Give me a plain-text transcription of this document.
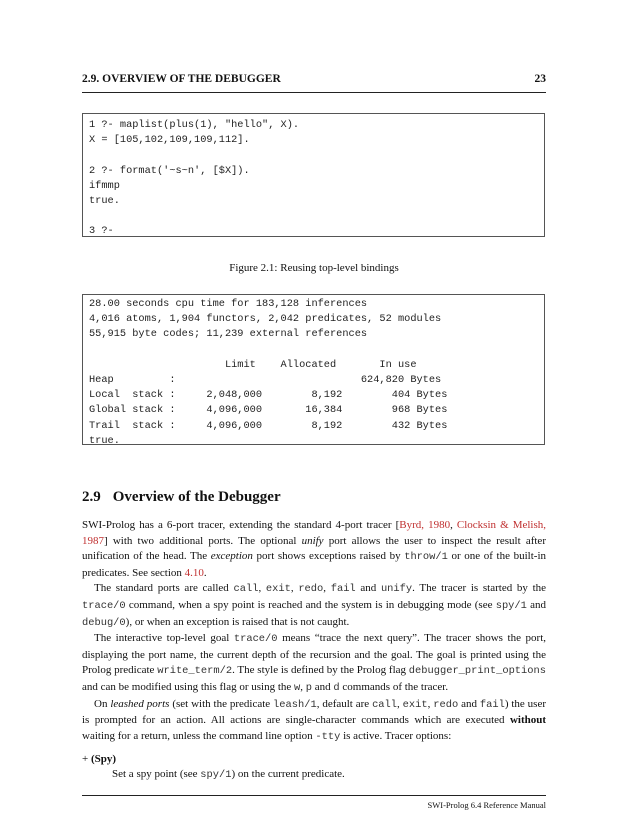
2.9. OVERVIEW OF THE DEBUGGER	23
1 ?- maplist(plus(1), "hello", X).
X = [105,102,109,109,112].

2 ?- format('~s~n', [$X]).
ifmmp
true.

3 ?-
Figure 2.1: Reusing top-level bindings
28.00 seconds cpu time for 183,128 inferences
4,016 atoms, 1,904 functors, 2,042 predicates, 52 modules
55,915 byte codes; 11,239 external references

Limit    Allocated       In use
Heap         :                              624,820 Bytes
Local  stack :     2,048,000        8,192        404 Bytes
Global stack :     4,096,000       16,384        968 Bytes
Trail  stack :     4,096,000        8,192        432 Bytes
true.
2.9 Overview of the Debugger

SWI-Prolog has a 6-port tracer, extending the standard 4-port tracer [Byrd, 1980, Clocksin & Melish, 1987] with two additional ports. The optional unify port allows the user to inspect the result after unification of the head. The exception port shows exceptions raised by throw/1 or one of the built-in predicates. See section 4.10.

The standard ports are called call, exit, redo, fail and unify. The tracer is started by the trace/0 command, when a spy point is reached and the system is in debugging mode (see spy/1 and debug/0), or when an exception is raised that is not caught.

The interactive top-level goal trace/0 means “trace the next query”. The tracer shows the port, displaying the port name, the current depth of the recursion and the goal. The goal is printed using the Prolog predicate write_term/2. The style is defined by the Prolog flag debugger_print_options and can be modified using this flag or using the w, p and d commands of the tracer.

On leashed ports (set with the predicate leash/1, default are call, exit, redo and fail) the user is prompted for an action. All actions are single-character commands which are executed without waiting for a return, unless the command line option -tty is active. Tracer options:

+ (Spy)
Set a spy point (see spy/1) on the current predicate.
SWI-Prolog 6.4 Reference Manual
